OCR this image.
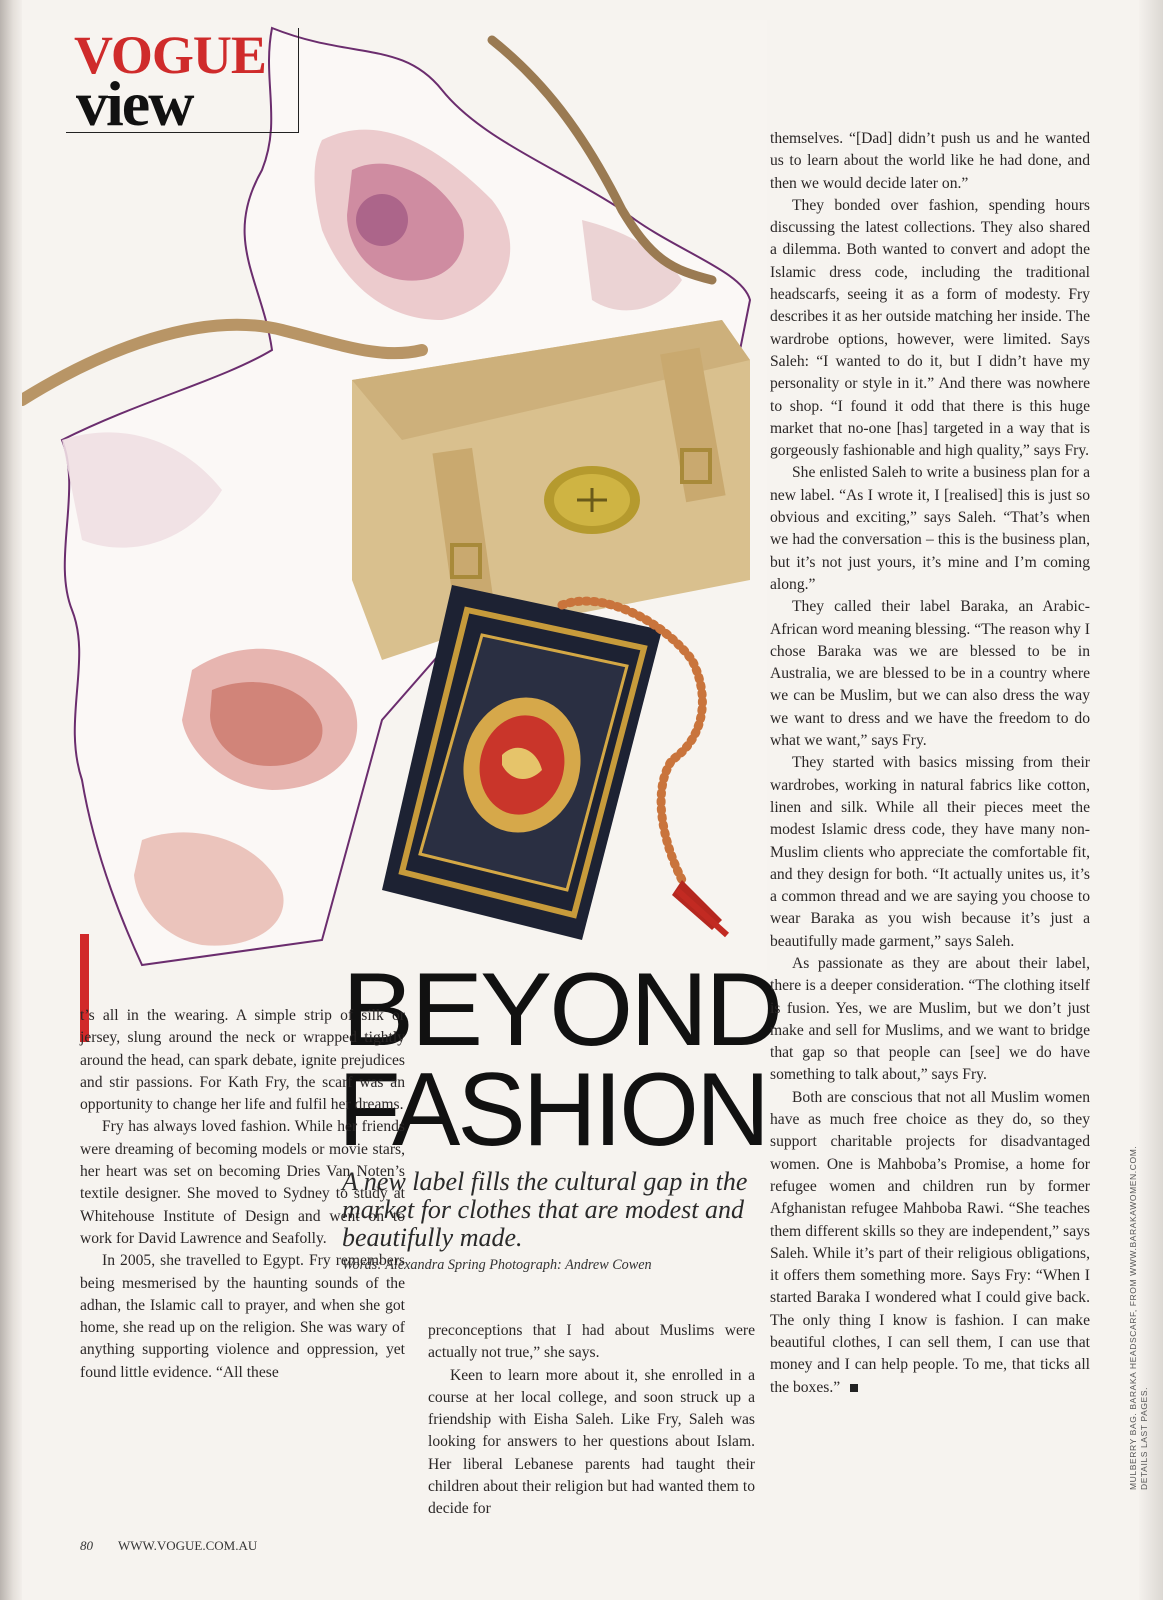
VOGUE
view
BEYOND
FASHION
A new label fills the cultural gap in the market for clothes that are modest and beautifully made.
Words: Alexandra Spring Photograph: Andrew Cowen

t’s all in the wearing. A simple strip of silk or jersey, slung around the neck or wrapped tightly around the head, can spark debate, ignite prejudices and stir passions. For Kath Fry, the scarf was an opportunity to change her life and fulfil her dreams.

Fry has always loved fashion. While her friends were dreaming of becoming models or movie stars, her heart was set on becoming Dries Van Noten’s textile designer. She moved to Sydney to study at Whitehouse Institute of Design and went on to work for David Lawrence and Seafolly.

In 2005, she travelled to Egypt. Fry remembers being mesmerised by the haunting sounds of the adhan, the Islamic call to prayer, and when she got home, she read up on the religion. She was wary of anything supporting violence and oppression, yet found little evidence. “All these

preconceptions that I had about Muslims were actually not true,” she says.

Keen to learn more about it, she enrolled in a course at her local college, and soon struck up a friendship with Eisha Saleh. Like Fry, Saleh was looking for answers to her questions about Islam. Her liberal Lebanese parents had taught their children about their religion but had wanted them to decide for

themselves. “[Dad] didn’t push us and he wanted us to learn about the world like he had done, and then we would decide later on.”

They bonded over fashion, spending hours discussing the latest collections. They also shared a dilemma. Both wanted to convert and adopt the Islamic dress code, including the traditional headscarfs, seeing it as a form of modesty. Fry describes it as her outside matching her inside. The wardrobe options, however, were limited. Says Saleh: “I wanted to do it, but I didn’t have my personality or style in it.” And there was nowhere to shop. “I found it odd that there is this huge market that no-one [has] targeted in a way that is gorgeously fashionable and high quality,” says Fry.

She enlisted Saleh to write a business plan for a new label. “As I wrote it, I [realised] this is just so obvious and exciting,” says Saleh. “That’s when we had the conversation – this is the business plan, but it’s not just yours, it’s mine and I’m coming along.”

They called their label Baraka, an Arabic-African word meaning blessing. “The reason why I chose Baraka was we are blessed to be in Australia, we are blessed to be in a country where we can be Muslim, but we can also dress the way we want to dress and we have the freedom to do what we want,” says Fry.

They started with basics missing from their wardrobes, working in natural fabrics like cotton, linen and silk. While all their pieces meet the modest Islamic dress code, they have many non-Muslim clients who appreciate the comfortable fit, and they design for both. “It actually unites us, it’s a common thread and we are saying you choose to wear Baraka as you wish because it’s just a beautifully made garment,” says Saleh.

As passionate as they are about their label, there is a deeper consideration. “The clothing itself is fusion. Yes, we are Muslim, but we don’t just make and sell for Muslims, and we want to bridge that gap so that people can [see] we do have something to talk about,” says Fry.

Both are conscious that not all Muslim women have as much free choice as they do, so they support charitable projects for disadvantaged women. One is Mahboba’s Promise, a home for refugee women and children run by former Afghanistan refugee Mahboba Rawi. “She teaches them different skills so they are independent,” says Saleh. While it’s part of their religious obligations, it offers them something more. Says Fry: “When I started Baraka I wondered what I could give back. The only thing I know is fashion. I can make beautiful clothes, I can sell them, I can use that money and I can help people. To me, that ticks all the boxes.”	MULBERRY BAG. BARAKA HEADSCARF, FROM WWW.BARAKAWOMEN.COM. DETAILS LAST PAGES.
80 WWW.VOGUE.COM.AU
